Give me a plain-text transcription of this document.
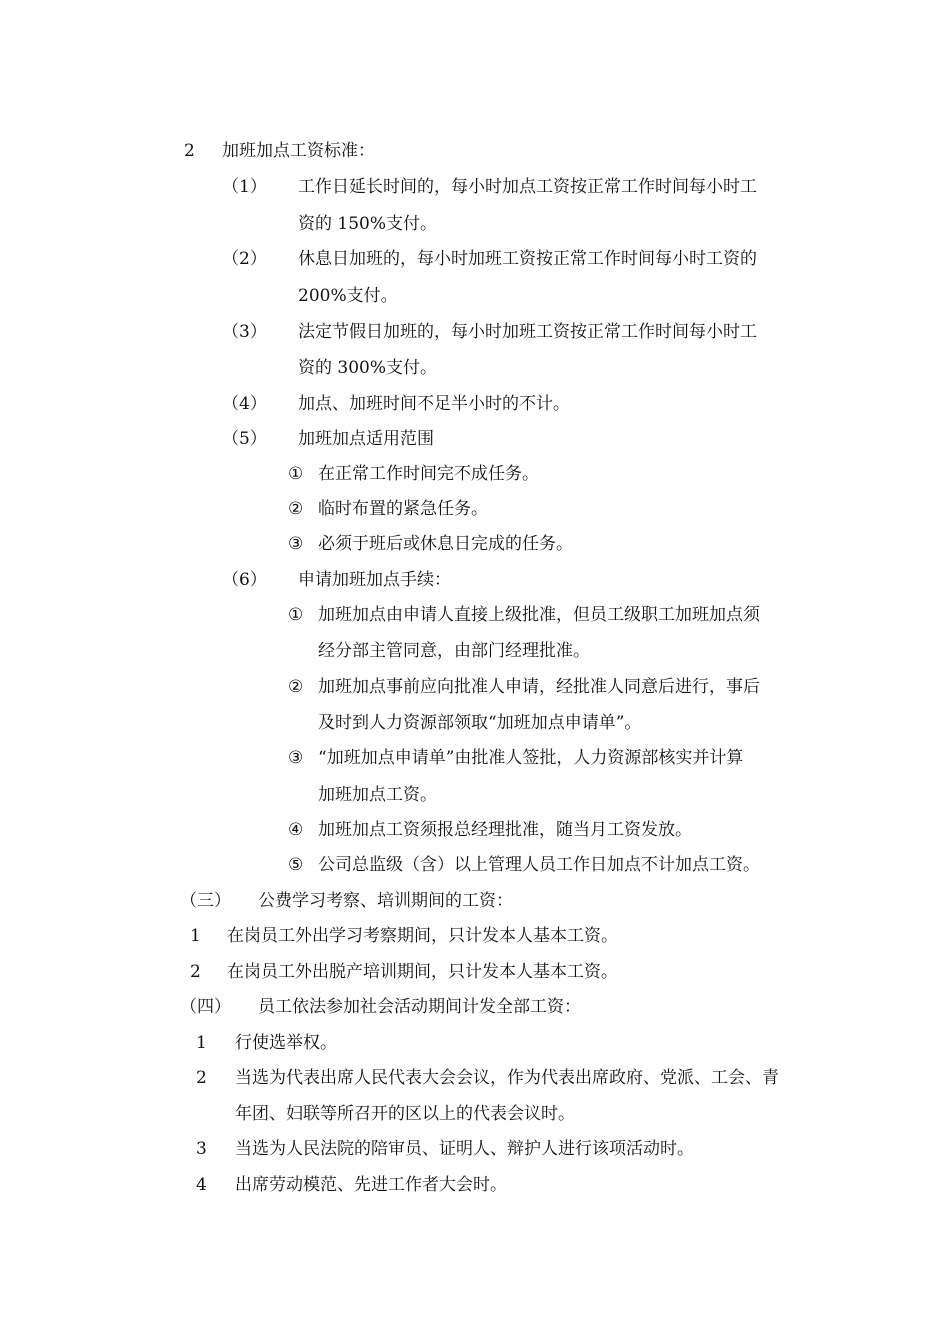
2 加班加点工资标准：
（1） 工作日延长时间的，每小时加点工资按正常工作时间每小时工
资的 150%支付。
（2） 休息日加班的，每小时加班工资按正常工作时间每小时工资的
200%支付。
（3） 法定节假日加班的，每小时加班工资按正常工作时间每小时工
资的 300%支付。
（4） 加点、加班时间不足半小时的不计。
（5） 加班加点适用范围
① 在正常工作时间完不成任务。
② 临时布置的紧急任务。
③ 必须于班后或休息日完成的任务。
（6） 申请加班加点手续：
① 加班加点由申请人直接上级批准，但员工级职工加班加点须
经分部主管同意，由部门经理批准。
② 加班加点事前应向批准人申请，经批准人同意后进行，事后
及时到人力资源部领取“加班加点申请单”。
③ “加班加点申请单”由批准人签批，人力资源部核实并计算
加班加点工资。
④ 加班加点工资须报总经理批准，随当月工资发放。
⑤ 公司总监级（含）以上管理人员工作日加点不计加点工资。
（三） 公费学习考察、培训期间的工资：
1 在岗员工外出学习考察期间，只计发本人基本工资。
2 在岗员工外出脱产培训期间，只计发本人基本工资。
（四） 员工依法参加社会活动期间计发全部工资：
1 行使选举权。
2 当选为代表出席人民代表大会会议，作为代表出席政府、党派、工会、青
年团、妇联等所召开的区以上的代表会议时。
3 当选为人民法院的陪审员、证明人、辩护人进行该项活动时。
4 出席劳动模范、先进工作者大会时。
